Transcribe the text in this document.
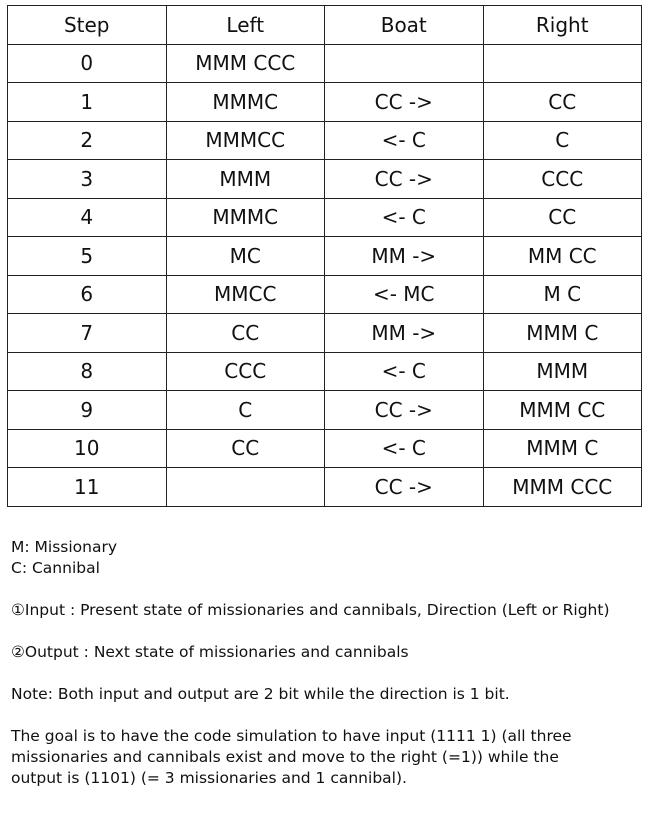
Step	Left	Boat	Right
0	MMM CCC		
1	MMMC	CC ->	CC
2	MMMCC	<- C	C
3	MMM	CC ->	CCC
4	MMMC	<- C	CC
5	MC	MM ->	MM CC
6	MMCC	<- MC	M C
7	CC	MM ->	MMM C
8	CCC	<- C	MMM
9	C	CC ->	MMM CC
10	CC	<- C	MMM C
11		CC ->	MMM CCC

M: Missionary

C: Cannibal

①Input : Present state of missionaries and cannibals, Direction (Left or Right)

②Output : Next state of missionaries and cannibals

Note: Both input and output are 2 bit while the direction is 1 bit.

The goal is to have the code simulation to have input (1111 1) (all three missionaries and cannibals exist and move to the right (=1)) while the output is (1101) (= 3 missionaries and 1 cannibal).
